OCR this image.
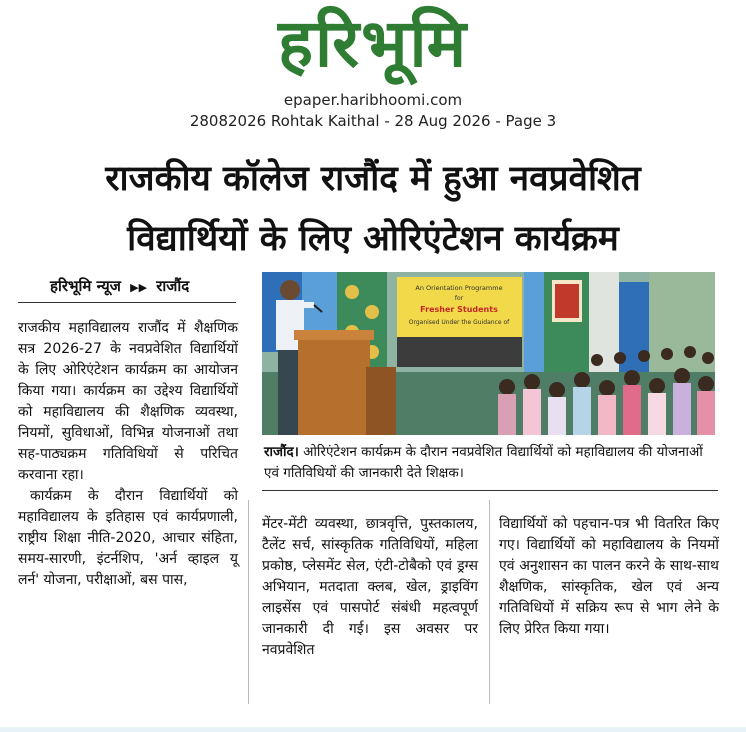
हरिभूमि
epaper.haribhoomi.com
28082026 Rohtak Kaithal - 28 Aug 2026 - Page 3
राजकीय कॉलेज राजौंद में हुआ नवप्रवेशित
विद्यार्थियों के लिए ओरिएंटेशन कार्यक्रम
हरिभूमि न्यूज ▶▶ राजौंद	An Orientation Programme
for
Fresher Students
Organised Under the Guidance of
राजौंद। ओरिएंटेशन कार्यक्रम के दौरान नवप्रवेशित विद्यार्थियों को महाविद्यालय की योजनाओं एवं गतिविधियों की जानकारी देते शिक्षक।

राजकीय महाविद्यालय राजौंद में शैक्षणिक सत्र 2026-27 के नवप्रवेशित विद्यार्थियों के लिए ओरिएंटेशन कार्यक्रम का आयोजन किया गया। कार्यक्रम का उद्देश्य विद्यार्थियों को महाविद्यालय की शैक्षणिक व्यवस्था, नियमों, सुविधाओं, विभिन्न योजनाओं तथा सह-पाठ्यक्रम गतिविधियों से परिचित करवाना रहा।

कार्यक्रम के दौरान विद्यार्थियों को महाविद्यालय के इतिहास एवं कार्यप्रणाली, राष्ट्रीय शिक्षा नीति-2020, आचार संहिता, समय-सारणी, इंटर्नशिप, 'अर्न व्हाइल यू लर्न' योजना, परीक्षाओं, बस पास,

मेंटर-मेंटी व्यवस्था, छात्रवृत्ति, पुस्तकालय, टैलेंट सर्च, सांस्कृतिक गतिविधियों, महिला प्रकोष्ठ, प्लेसमेंट सेल, एंटी-टोबैको एवं ड्रग्स अभियान, मतदाता क्लब, खेल, ड्राइविंग लाइसेंस एवं पासपोर्ट संबंधी महत्वपूर्ण जानकारी दी गई। इस अवसर पर नवप्रवेशित

विद्यार्थियों को पहचान-पत्र भी वितरित किए गए। विद्यार्थियों को महाविद्यालय के नियमों एवं अनुशासन का पालन करने के साथ-साथ शैक्षणिक, सांस्कृतिक, खेल एवं अन्य गतिविधियों में सक्रिय रूप से भाग लेने के लिए प्रेरित किया गया।
